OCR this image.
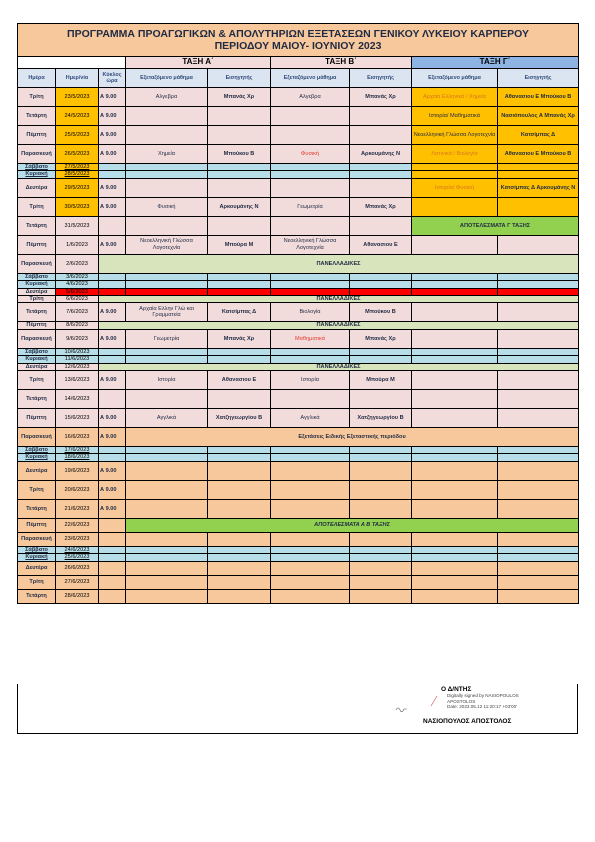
ΠΡΟΓΡΑΜΜΑ ΠΡΟΑΓΩΓΙΚΩΝ & ΑΠΟΛΥΤΗΡΙΩΝ ΕΞΕΤΑΣΕΩΝ ΓΕΝΙΚΟΥ ΛΥΚΕΙΟΥ ΚΑΡΠΕΡΟΥ
ΠΕΡΙΟΔΟΥ ΜΑΙΟΥ- ΙΟΥΝΙΟΥ 2023								

			ΤΑΞΗ Α΄		ΤΑΞΗ Β΄		ΤΑΞΗ Γ΄	
Ημέρα	Ημερ/νία	Κύκλος ώρα	Εξεταζόμενο μάθημα	Εισηγητής	Εξεταζόμενο μάθημα	Εισηγητής	Εξεταζόμενο μάθημα	Εισηγητής
Τρίτη	23/5/2023	Α 9.00	Αλγεβρα	Μπανάς Χρ	Αλγεβρα	Μπανάς Χρ	Αρχαία Ελληνικά / Χημεία	Αθανασιου Ε Μπούκου Β
Τετάρτη	24/5/2023	Α 9.00					Ιστορία/ Μαθηματικά	Νασιόπουλος Α Μπανάς Χρ
Πέμπτη	25/5/2023	Α 9.00					Νεοελληνική Γλώσσα Λογοτεχνία	Κατσίμπας Δ
Παρασκευή	26/5/2023	Α 9.00	Χημεία	Μπούκου Β	Φυσική	Αρκουμάνης Ν	Λατινικά / Βιολογία	Αθανασιου Ε Μπούκου Β
Σάββατο	27/5/2023							
Κυριακή	28/5/2023							
Δευτέρα	29/5/2023	Α 9.00					Ιστορία/ Φυσική	Κατσίμπας Δ Αρκουμάνης Ν
Τρίτη	30/5/2023	Α 9.00	Φυσική	Αρκουμάνης Ν	Γεωμετρία	Μπανάς Χρ		
Τετάρτη	31/5/2023						ΑΠΟΤΕΛΕΣΜΑΤΑ Γ ΤΑΞΗΣ	
Πέμπτη	1/6/2023	Α 9.00	Νεοελληνική Γλώσσα Λογοτεχνία	Μπούρα Μ	Νεοελληνική Γλώσσα Λογοτεχνία	Αθανασιου Ε		
Παρασκευή	2/6/2023	ΠΑΝΕΛΛΑΔΙΚΕΣ						
Σάββατο	3/6/2023							
Κυριακή	4/6/2023							
Δευτέρα	5/6/2023							
Τρίτη	6/6/2023	ΠΑΝΕΛΛΑΔΙΚΕΣ						
Τετάρτη	7/6/2023	Α 9.00	Αρχαία Ελλην Γλώ και Γραμματεία	Κατσίμπας Δ	Βιολογία	Μπούκου Β		
Πέμπτη	8/6/2023	ΠΑΝΕΛΛΑΔΙΚΕΣ						
Παρασκευή	9/6/2023	Α 9.00	Γεωμετρία	Μπανάς Χρ	Μαθηματικά	Μπανάς Χρ		
Σάββατο	10/6/2023							
Κυριακή	11/6/2023							
Δευτέρα	12/6/2023	ΠΑΝΕΛΛΑΔΙΚΕΣ						
Τρίτη	13/6/2023	Α 9.00	Ιστορία	Αθανασιου Ε	Ιστορία	Μπούρα Μ		
Τετάρτη	14/6/2023							
Πέμπτη	15/6/2023	Α 9.00	Αγγλικά	Χατζηγεωργίου Β	Αγγλικά	Χατζηγεωργίου Β		
Παρασκευή	16/6/2023	Α 9.00	Εξετάσεις Ειδικής Εξεταστικής περιόδου					
Σάββατο	17/6/2023							
Κυριακή	18/6/2023							
Δευτέρα	19/6/2023	Α 9.00						
Τρίτη	20/6/2023	Α 9.00						
Τετάρτη	21/6/2023	Α 9.00						
Πέμπτη	22/6/2023		ΑΠΟΤΕΛΕΣΜΑΤΑ Α Β ΤΑΞΗΣ					
Παρασκευή	23/6/2023							
Σάββατο	24/6/2023							
Κυριακή	25/6/2023							
Δευτέρα	26/6/2023							
Τρίτη	27/6/2023							
Τετάρτη	28/6/2023							
Ο Δ/ΝΤΗΣ
Digitally signed by NASIOPOULOS
APOSTOLOS
Date: 2023.05.12 11:20:17 +03'00'
ΝΑΣΙΟΠΟΥΛΟΣ ΑΠΟΣΤΟΛΟΣ
